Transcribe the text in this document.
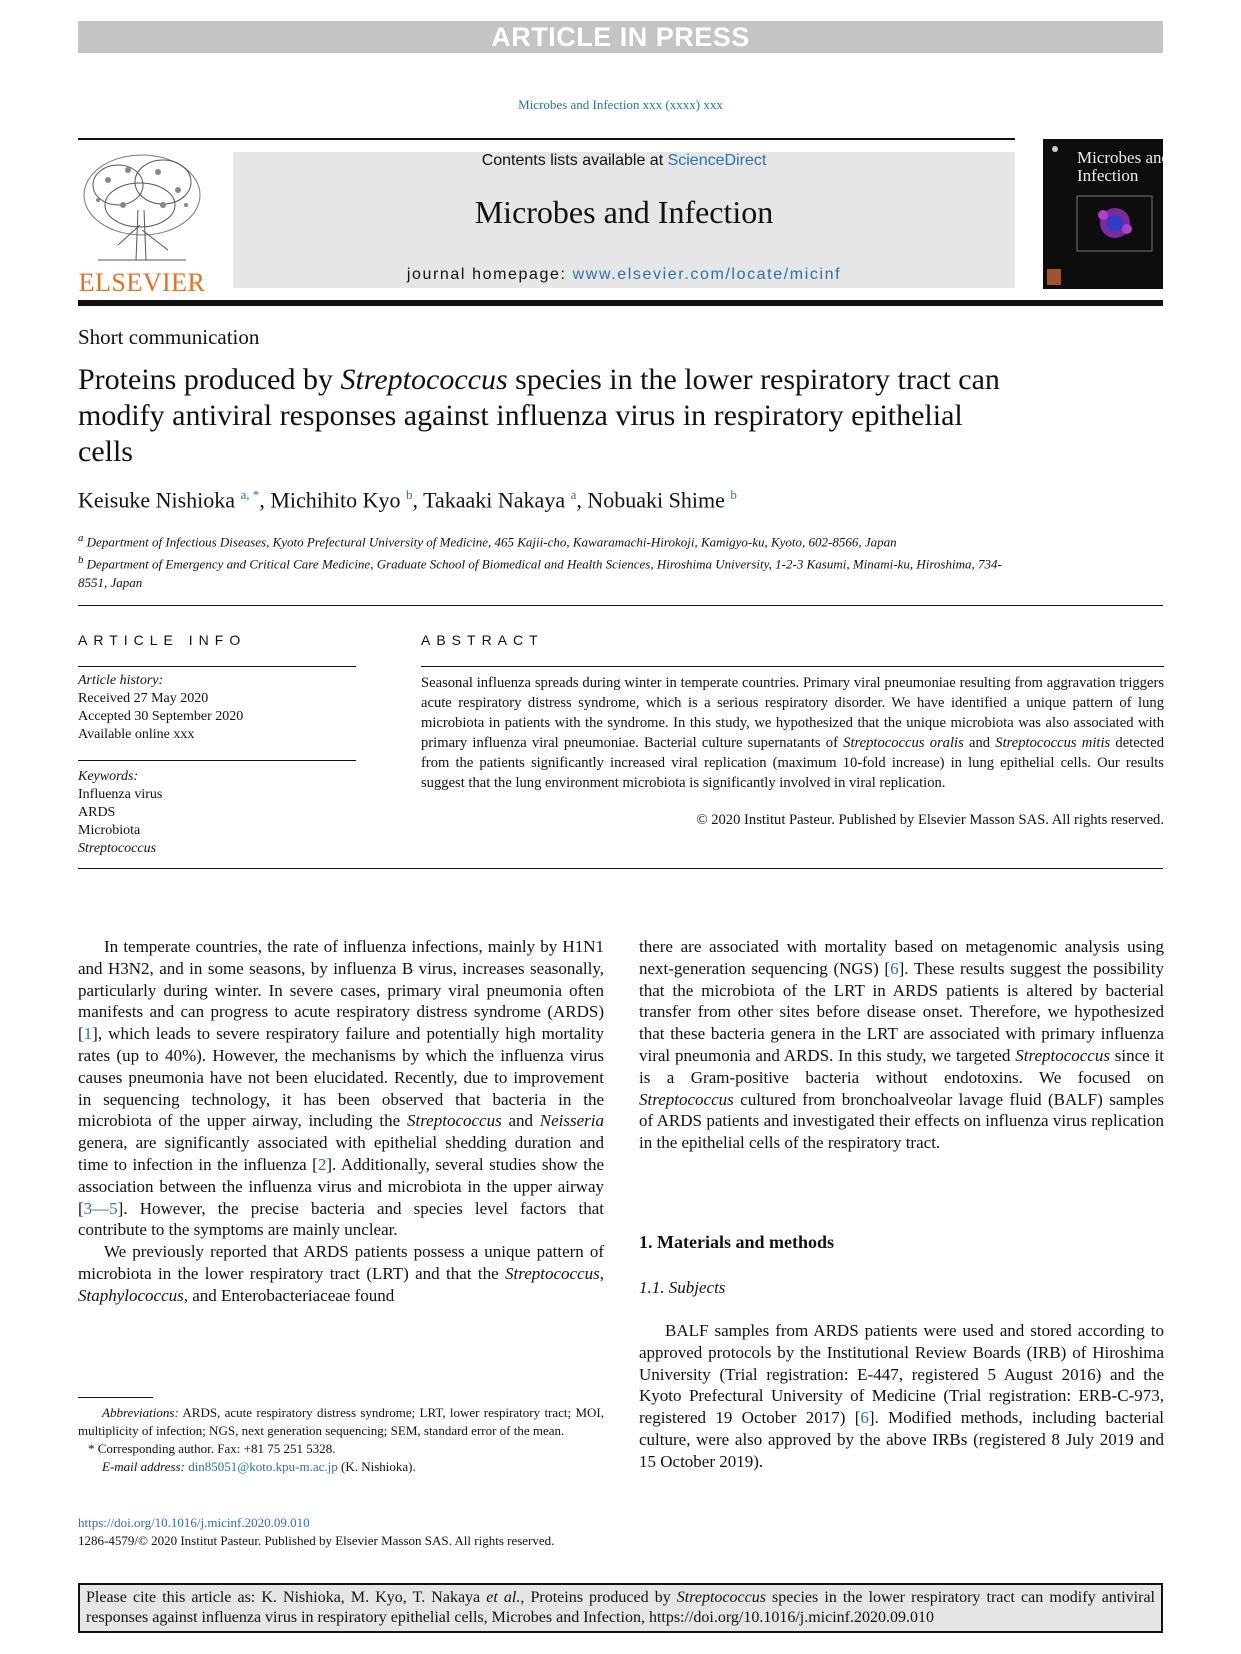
ARTICLE IN PRESS
Microbes and Infection xxx (xxxx) xxx
ELSEVIER
Contents lists available at ScienceDirect
Microbes and Infection
journal homepage: www.elsevier.com/locate/micinf
Microbes and
Infection
Short communication
Proteins produced by Streptococcus species in the lower respiratory tract can modify antiviral responses against influenza virus in respiratory epithelial cells
Keisuke Nishioka $^{a, *}$, Michihito Kyo $^b$, Takaaki Nakaya $^a$, Nobuaki Shime $^b$
$^a$ Department of Infectious Diseases, Kyoto Prefectural University of Medicine, 465 Kajii-cho, Kawaramachi-Hirokoji, Kamigyo-ku, Kyoto, 602-8566, Japan
$^b$ Department of Emergency and Critical Care Medicine, Graduate School of Biomedical and Health Sciences, Hiroshima University, 1-2-3 Kasumi, Minami-ku, Hiroshima, 734-8551, Japan
ARTICLE INFO	ABSTRACT
Article history:
Received 27 May 2020
Accepted 30 September 2020
Available online xxx
Keywords:
Influenza virus
ARDS
Microbiota
Streptococcus
Seasonal influenza spreads during winter in temperate countries. Primary viral pneumoniae resulting from aggravation triggers acute respiratory distress syndrome, which is a serious respiratory disorder. We have identified a unique pattern of lung microbiota in patients with the syndrome. In this study, we hypothesized that the unique microbiota was also associated with primary influenza viral pneumoniae. Bacterial culture supernatants of Streptococcus oralis and Streptococcus mitis detected from the patients significantly increased viral replication (maximum 10-fold increase) in lung epithelial cells. Our results suggest that the lung environment microbiota is significantly involved in viral replication.
© 2020 Institut Pasteur. Published by Elsevier Masson SAS. All rights reserved.

In temperate countries, the rate of influenza infections, mainly by H1N1 and H3N2, and in some seasons, by influenza B virus, increases seasonally, particularly during winter. In severe cases, primary viral pneumonia often manifests and can progress to acute respiratory distress syndrome (ARDS) [1], which leads to severe respiratory failure and potentially high mortality rates (up to 40%). However, the mechanisms by which the influenza virus causes pneumonia have not been elucidated. Recently, due to improvement in sequencing technology, it has been observed that bacteria in the microbiota of the upper airway, including the Streptococcus and Neisseria genera, are significantly associated with epithelial shedding duration and time to infection in the influenza [2]. Additionally, several studies show the association between the influenza virus and microbiota in the upper airway [3—5]. However, the precise bacteria and species level factors that contribute to the symptoms are mainly unclear.

We previously reported that ARDS patients possess a unique pattern of microbiota in the lower respiratory tract (LRT) and that the Streptococcus, Staphylococcus, and Enterobacteriaceae found

there are associated with mortality based on metagenomic analysis using next-generation sequencing (NGS) [6]. These results suggest the possibility that the microbiota of the LRT in ARDS patients is altered by bacterial transfer from other sites before disease onset. Therefore, we hypothesized that these bacteria genera in the LRT are associated with primary influenza viral pneumonia and ARDS. In this study, we targeted Streptococcus since it is a Gram-positive bacteria without endotoxins. We focused on Streptococcus cultured from bronchoalveolar lavage fluid (BALF) samples of ARDS patients and investigated their effects on influenza virus replication in the epithelial cells of the respiratory tract.

1. Materials and methods
1.1. Subjects

BALF samples from ARDS patients were used and stored according to approved protocols by the Institutional Review Boards (IRB) of Hiroshima University (Trial registration: E-447, registered 5 August 2016) and the Kyoto Prefectural University of Medicine (Trial registration: ERB-C-973, registered 19 October 2017) [6]. Modified methods, including bacterial culture, were also approved by the above IRBs (registered 8 July 2019 and 15 October 2019).

Abbreviations: ARDS, acute respiratory distress syndrome; LRT, lower respiratory tract; MOI, multiplicity of infection; NGS, next generation sequencing; SEM, standard error of the mean.

* Corresponding author. Fax: +81 75 251 5328.

E-mail address: din85051@koto.kpu-m.ac.jp (K. Nishioka).

https://doi.org/10.1016/j.micinf.2020.09.010
1286-4579/© 2020 Institut Pasteur. Published by Elsevier Masson SAS. All rights reserved.
Please cite this article as: K. Nishioka, M. Kyo, T. Nakaya et al., Proteins produced by Streptococcus species in the lower respiratory tract can modify antiviral responses against influenza virus in respiratory epithelial cells, Microbes and Infection, https://doi.org/10.1016/j.micinf.2020.09.010
